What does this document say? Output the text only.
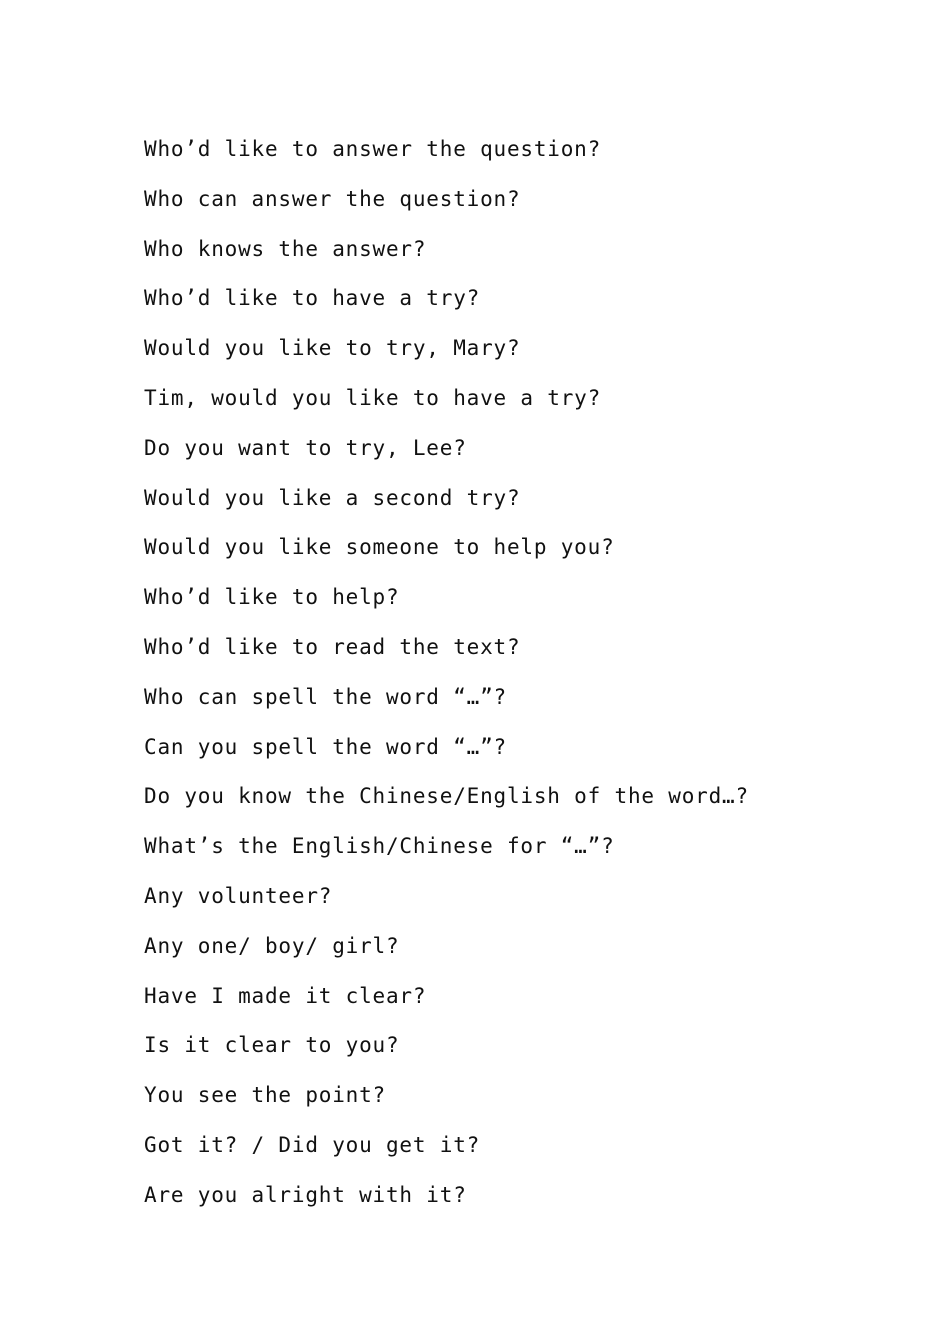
Who’d like to answer the question?
Who can answer the question?
Who knows the answer?
Who’d like to have a try?
Would you like to try, Mary?
Tim, would you like to have a try?
Do you want to try, Lee?
Would you like a second try?
Would you like someone to help you?
Who’d like to help?
Who’d like to read the text?
Who can spell the word “…”?
Can you spell the word “…”?
Do you know the Chinese/English of the word…?
What’s the English/Chinese for “…”?
Any volunteer?
Any one/ boy/ girl?
Have I made it clear?
Is it clear to you?
You see the point?
Got it? / Did you get it?
Are you alright with it?
